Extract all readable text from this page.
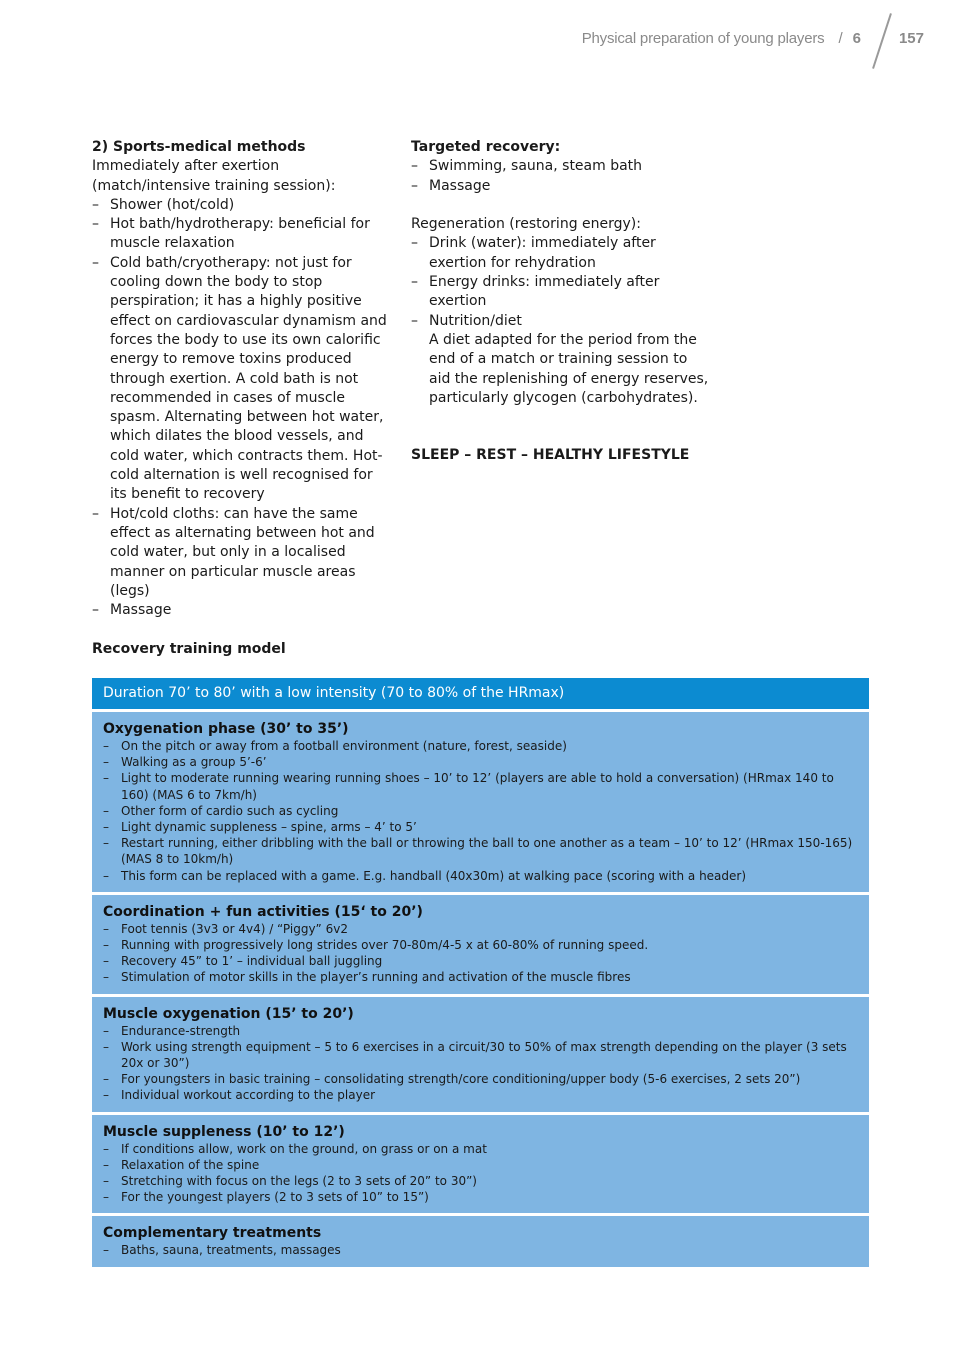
Physical preparation of young players / 6	157
2) Sports-medical methods
Immediately after exertion (match/intensive training session):
– Shower (hot/cold)
– Hot bath/hydrotherapy: beneficial for muscle relaxation
– Cold bath/cryotherapy: not just for cooling down the body to stop perspiration; it has a highly positive effect on cardiovascular dynamism and forces the body to use its own calorific energy to remove toxins produced through exertion. A cold bath is not recommended in cases of muscle spasm. Alternating between hot water, which dilates the blood vessels, and cold water, which contracts them. Hot-cold alternation is well recognised for its benefit to recovery
– Hot/cold cloths: can have the same effect as alternating between hot and cold water, but only in a localised manner on particular muscle areas (legs)
– Massage
Targeted recovery:
– Swimming, sauna, steam bath
– Massage
Regeneration (restoring energy):
– Drink (water): immediately after exertion for rehydration
– Energy drinks: immediately after exertion
– Nutrition/diet
A diet adapted for the period from the end of a match or training session to aid the replenishing of energy reserves, particularly glycogen (carbohydrates).
SLEEP – REST – HEALTHY LIFESTYLE
Recovery training model
Duration 70’ to 80’ with a low intensity (70 to 80% of the HRmax)
Oxygenation phase (30’ to 35’)
– On the pitch or away from a football environment (nature, forest, seaside)
– Walking as a group 5’-6’
– Light to moderate running wearing running shoes – 10’ to 12’ (players are able to hold a conversation) (HRmax 140 to 160) (MAS 6 to 7km/h)
– Other form of cardio such as cycling
– Light dynamic suppleness – spine, arms – 4’ to 5’
– Restart running, either dribbling with the ball or throwing the ball to one another as a team – 10’ to 12’ (HRmax 150-165) (MAS 8 to 10km/h)
– This form can be replaced with a game. E.g. handball (40x30m) at walking pace (scoring with a header)
Coordination + fun activities (15‘ to 20’)
– Foot tennis (3v3 or 4v4) / “Piggy” 6v2
– Running with progressively long strides over 70-80m/4-5 x at 60-80% of running speed.
– Recovery 45” to 1’ – individual ball juggling
– Stimulation of motor skills in the player’s running and activation of the muscle fibres
Muscle oxygenation (15’ to 20’)
– Endurance-strength
– Work using strength equipment – 5 to 6 exercises in a circuit/30 to 50% of max strength depending on the player (3 sets 20x or 30”)
– For youngsters in basic training – consolidating strength/core conditioning/upper body (5-6 exercises, 2 sets 20”)
– Individual workout according to the player
Muscle suppleness (10’ to 12’)
– If conditions allow, work on the ground, on grass or on a mat
– Relaxation of the spine
– Stretching with focus on the legs (2 to 3 sets of 20” to 30”)
– For the youngest players (2 to 3 sets of 10” to 15”)
Complementary treatments
– Baths, sauna, treatments, massages
